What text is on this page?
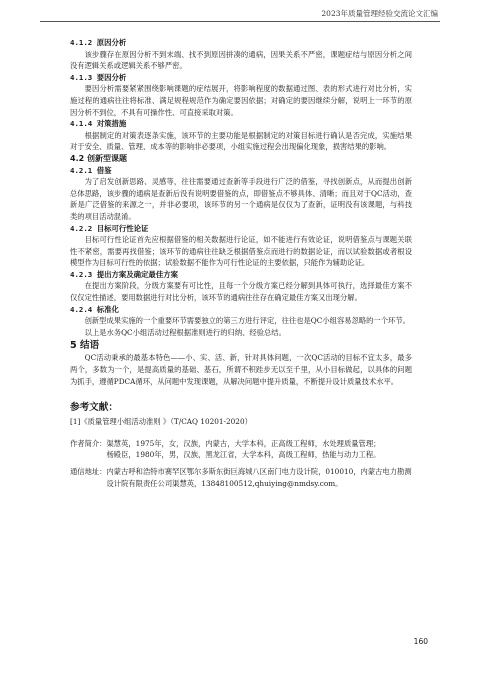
2023年质量管理经验交流论文汇编
4.1.2 原因分析
该步骤存在原因分析不到末端、找不到原因拼凑的通病，因果关系不严密，课题症结与原因分析之间没有逻辑关系或逻辑关系不够严密。
4.1.3 要因分析
要因分析需要紧紧围绕影响课题的症结展开，将影响程度的数据通过图、表的形式进行对比分析，实施过程的通病往往将标准、满足规程规范作为确定要因依据；对确定的要因继续分解，说明上一环节的原因分析不到位，不具有可操作性、可直接采取对策。
4.1.4 对策措施
根据制定的对策表逐条实施，该环节的主要功能是根据制定的对策目标进行确认是否完成，实施结果对于安全、质量、管理、成本等的影响非必要项，小组实施过程会出现偏化现象，损害结果的影响。
4.2 创新型课题
4.2.1 借鉴
为了启发创新思路、灵感等，往往需要通过查新等手段进行广泛的借鉴，寻找创新点，从而提出创新总体思路，该步骤的通病是查新后没有说明要借鉴的点，即借鉴点不够具体、清晰；而且对于QC活动，查新是广泛借鉴的来源之一，并非必要项，该环节的另一个通病是仅仅为了查新，证明没有该课题，与科技类的项目活动混淆。
4.2.2 目标可行性论证
目标可行性论证首先应根据借鉴的相关数据进行论证，如不能进行有效论证，说明借鉴点与课题关联性不紧密，需要再找借鉴；该环节的通病往往缺乏根据借鉴点而进行的数据论证，而以试验数据或者根设模型作为目标可行性的依据；试验数据不能作为可行性论证的主要依据，只能作为辅助论证。
4.2.3 提出方案及确定最佳方案
在提出方案阶段，分级方案要有可比性，且每一个分级方案已经分解到具体可执行，选择最佳方案不仅仅定性描述，要用数据进行对比分析，该环节的通病往往存在确定最佳方案又出现分解。
4.2.4 标准化
创新型成果实施的一个重要环节需要独立的第三方进行评定，往往也是QC小组容易忽略的一个环节。
以上是水务QC小组活动过程根据准则进行的归纳、经验总结。
5 结语
QC活动秉承的最基本特色——小、实、活、新，针对具体问题，一次QC活动的目标不宜太多，最多两个，多数为一个，是提高质量的基础、基石，所谓不积跬步无以至千里，从小目标做起，以具体的问题为抓手，遵循PDCA循环，从问题中发现课题，从解决问题中提升质量，不断提升设计质量技术水平。
参考文献：
[1]《质量管理小组活动准则 》（T/CAQ 10201-2020）
作者简介： 渠慧英，1975年，女，汉族，内蒙古，大学本科，正高级工程师，水处理质量管理；
杨殿臣，1980年，男，汉族，黑龙江省，大学本科，高级工程师，热能与动力工程。
通信地址： 内蒙古呼和浩特市赛罕区鄂尔多斯东街巨海城八区南门电力设计院，010010，内蒙古电力勘测设计院有限责任公司渠慧英，13848100512,qhuiying@nmdsy.com。
160
